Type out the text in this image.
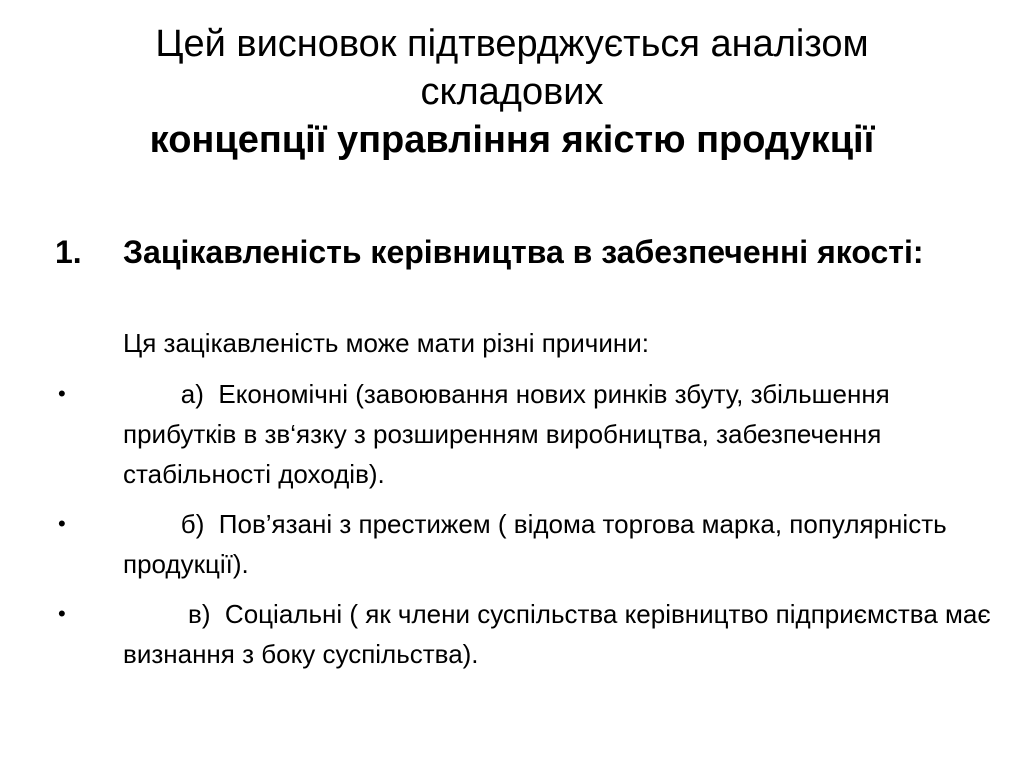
Цей висновок підтверджується аналізом
складових
концепції управління якістю продукції
1. Зацікавленість керівництва в забезпеченні якості:
Ця зацікавленість може мати різні причини:
• а)  Економічні (завоювання нових ринків збуту, збільшення прибутків в зв‘язку з розширенням виробництва, забезпечення стабільності доходів).
• б)  Пов’язані з престижем ( відома торгова марка, популярність продукції).
• в)  Соціальні ( як члени суспільства керівництво підприємства має визнання з боку суспільства).
